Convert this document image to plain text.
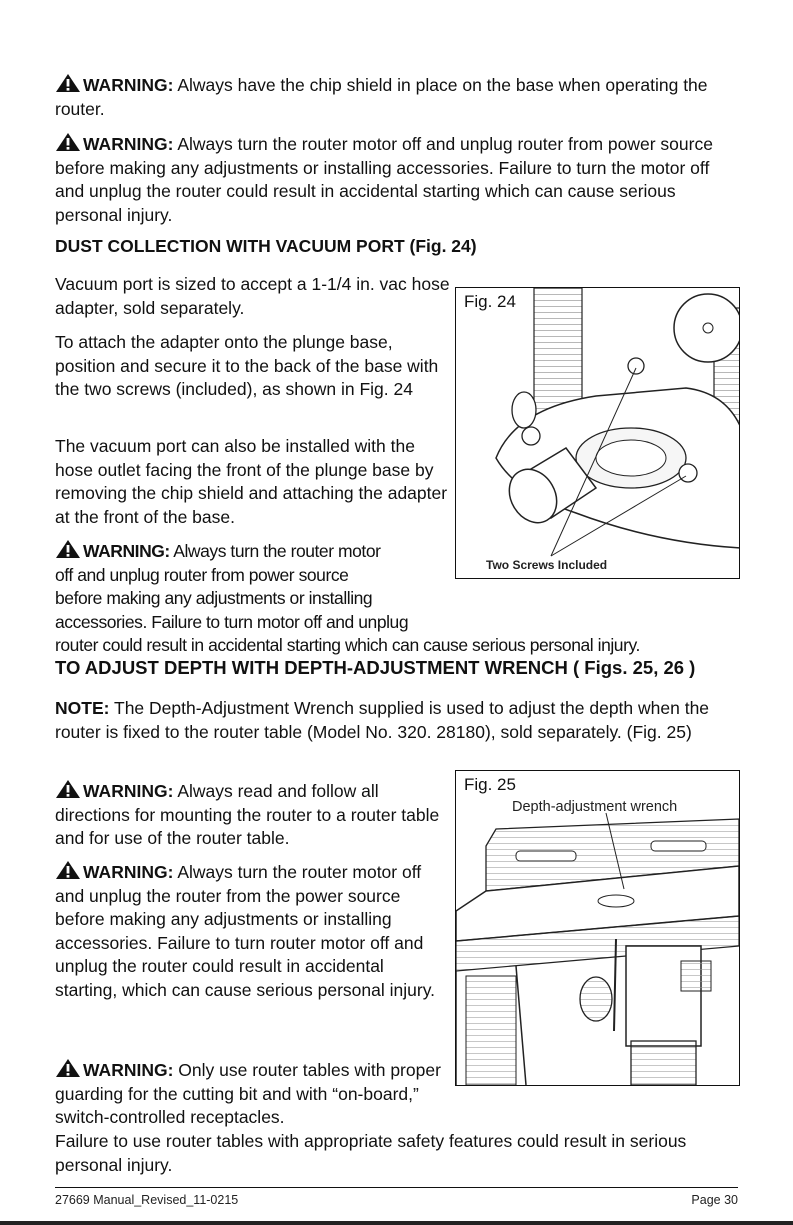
WARNING: Always have the chip shield in place on the base when operating the router.

WARNING: Always turn the router motor off and unplug router from power source before making any adjustments or installing accessories. Failure to turn the motor off and unplug the router could result in accidental starting which can cause serious personal injury.

DUST COLLECTION WITH VACUUM PORT (Fig. 24)

Vacuum port is sized to accept a 1-1/4 in. vac hose adapter, sold separately.

To attach the adapter onto the plunge base, position and secure it to the back of the base with the two screws (included), as shown in Fig. 24

The vacuum port can also be installed with the hose outlet facing the front of the plunge base by removing the chip shield and attaching the adapter at the front of the base.

WARNING: Always turn the router motor
off and unplug router from power source
before making any adjustments or installing
accessories. Failure to turn motor off and unplug
router could result in accidental starting which can cause serious personal injury.
Fig. 24
Two Screws Included

TO ADJUST DEPTH WITH DEPTH-ADJUSTMENT WRENCH ( Figs. 25, 26 )

NOTE: The Depth-Adjustment Wrench supplied is used to adjust the depth when the router is fixed to the router table (Model No. 320. 28180), sold separately. (Fig. 25)

WARNING: Always read and follow all directions for mounting the router to a router table and for use of the router table.

WARNING: Always turn the router motor off and unplug the router from the power source before making any adjustments or installing accessories. Failure to turn router motor off and unplug the router could result in accidental starting, which can cause serious personal injury.

WARNING: Only use router tables with proper guarding for the cutting bit and with “on-board,” switch-controlled receptacles.

Failure to use router tables with appropriate safety features could result in serious personal injury.

Fig. 25
Depth-adjustment wrench
27669 Manual_Revised_11-0215	Page 30
